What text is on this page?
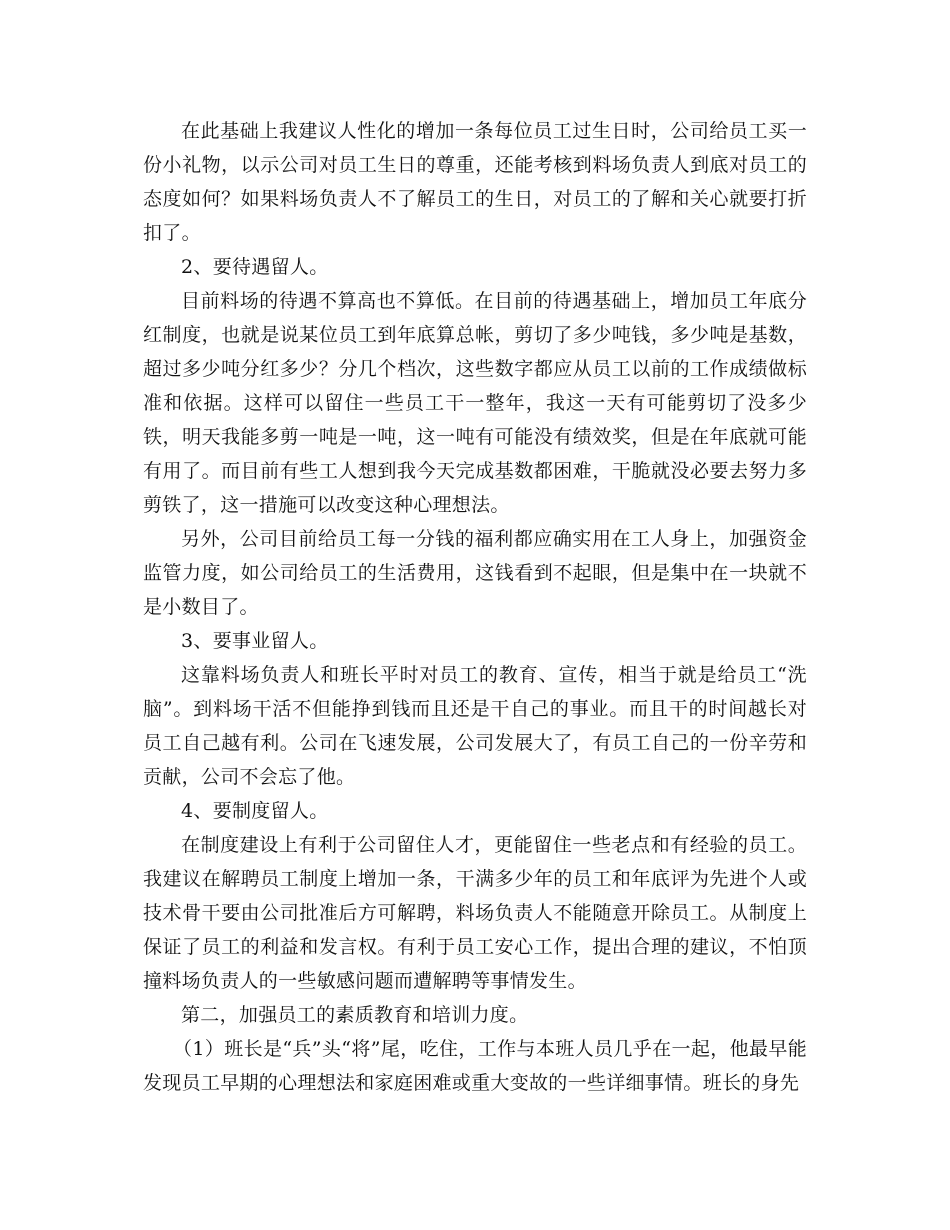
在此基础上我建议人性化的增加一条每位员工过生日时，公司给员工买一份小礼物，以示公司对员工生日的尊重，还能考核到料场负责人到底对员工的态度如何？如果料场负责人不了解员工的生日，对员工的了解和关心就要打折扣了。

2、要待遇留人。

目前料场的待遇不算高也不算低。在目前的待遇基础上，增加员工年底分红制度，也就是说某位员工到年底算总帐，剪切了多少吨钱，多少吨是基数，超过多少吨分红多少？分几个档次，这些数字都应从员工以前的工作成绩做标准和依据。这样可以留住一些员工干一整年，我这一天有可能剪切了没多少铁，明天我能多剪一吨是一吨，这一吨有可能没有绩效奖，但是在年底就可能有用了。而目前有些工人想到我今天完成基数都困难，干脆就没必要去努力多剪铁了，这一措施可以改变这种心理想法。

另外，公司目前给员工每一分钱的福利都应确实用在工人身上，加强资金监管力度，如公司给员工的生活费用，这钱看到不起眼，但是集中在一块就不是小数目了。

3、要事业留人。

这靠料场负责人和班长平时对员工的教育、宣传，相当于就是给员工“洗脑”。到料场干活不但能挣到钱而且还是干自己的事业。而且干的时间越长对员工自己越有利。公司在飞速发展，公司发展大了，有员工自己的一份辛劳和贡献，公司不会忘了他。

4、要制度留人。

在制度建设上有利于公司留住人才，更能留住一些老点和有经验的员工。我建议在解聘员工制度上增加一条，干满多少年的员工和年底评为先进个人或技术骨干要由公司批准后方可解聘，料场负责人不能随意开除员工。从制度上保证了员工的利益和发言权。有利于员工安心工作，提出合理的建议，不怕顶撞料场负责人的一些敏感问题而遭解聘等事情发生。

第二，加强员工的素质教育和培训力度。

（1）班长是“兵”头“将”尾，吃住，工作与本班人员几乎在一起，他最早能发现员工早期的心理想法和家庭困难或重大变故的一些详细事情。班长的身先
